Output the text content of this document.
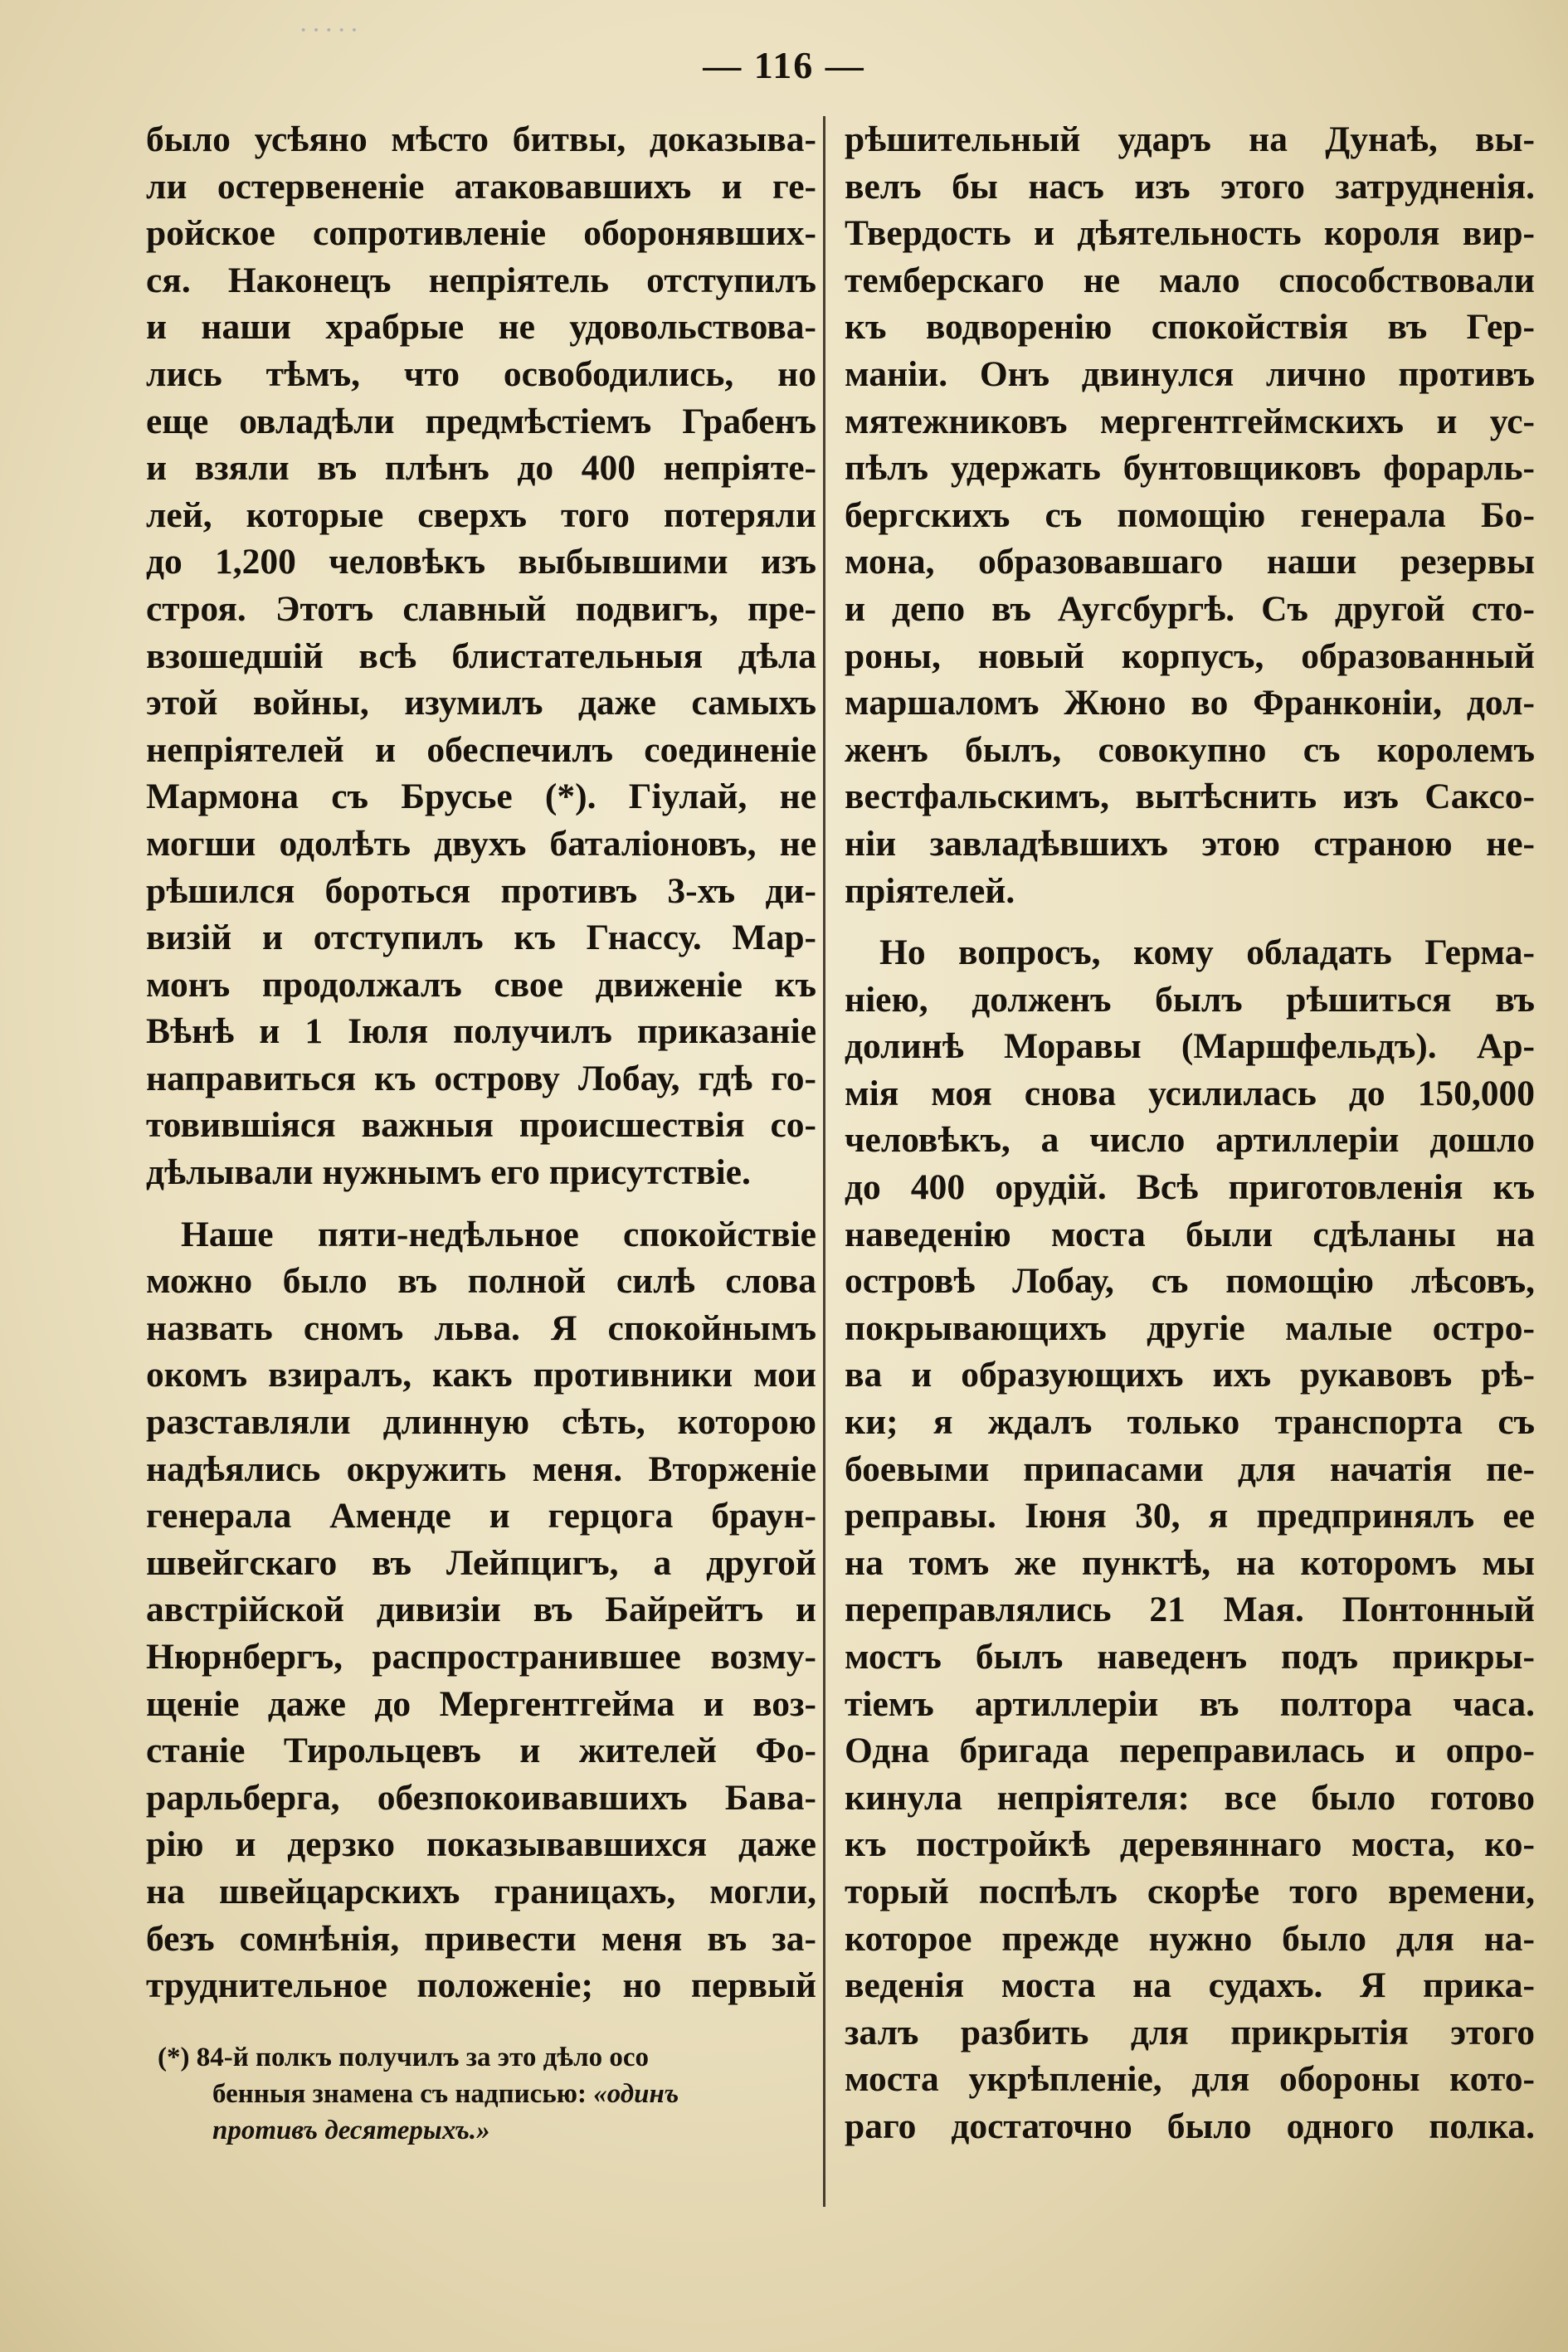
·····
— 116 —
было усѣяно мѣсто битвы, доказыва-
ли остервененіе атаковавшихъ и ге-
ройское сопротивленіе оборонявших-
ся. Наконецъ непріятель отступилъ
и наши храбрые не удовольствова-
лись тѣмъ, что освободились, но
еще овладѣли предмѣстіемъ Грабенъ
и взяли въ плѣнъ до 400 непріяте-
лей, которые сверхъ того потеряли
до 1,200 человѣкъ выбывшими изъ
строя. Этотъ славный подвигъ, пре-
взошедшій всѣ блистательныя дѣла
этой войны, изумилъ даже самыхъ
непріятелей и обеспечилъ соединеніе
Мармона съ Брусье (*). Гіулай, не
могши одолѣть двухъ баталіоновъ, не
рѣшился бороться противъ 3-хъ ди-
визій и отступилъ къ Гнассу. Мар-
монъ продолжалъ свое движеніе къ
Вѣнѣ и 1 Іюля получилъ приказаніе
направиться къ острову Лобау, гдѣ го-
товившіяся важныя происшествія со-
дѣлывали нужнымъ его присутствіе.
Наше пяти-недѣльное спокойствіе
можно было въ полной силѣ слова
назвать сномъ льва. Я спокойнымъ
окомъ взиралъ, какъ противники мои
разставляли длинную сѣть, которою
надѣялись окружить меня. Вторженіе
генерала Аменде и герцога браун-
швейгскаго въ Лейпцигъ, а другой
австрійской дивизіи въ Байрейтъ и
Нюрнбергъ, распространившее возму-
щеніе даже до Мергентгейма и воз-
станіе Тирольцевъ и жителей Фо-
рарльберга, обезпокоивавшихъ Бава-
рію и дерзко показывавшихся даже
на швейцарскихъ границахъ, могли,
безъ сомнѣнія, привести меня въ за-
труднительное положеніе; но первый
рѣшительный ударъ на Дунаѣ, вы-
велъ бы насъ изъ этого затрудненія.
Твердость и дѣятельность короля вир-
темберскаго не мало способствовали
къ водворенію спокойствія въ Гер-
маніи. Онъ двинулся лично противъ
мятежниковъ мергентгеймскихъ и ус-
пѣлъ удержать бунтовщиковъ форарль-
бергскихъ съ помощію генерала Бо-
мона, образовавшаго наши резервы
и депо въ Аугсбургѣ. Съ другой сто-
роны, новый корпусъ, образованный
маршаломъ Жюно во Франконіи, дол-
женъ былъ, совокупно съ королемъ
вестфальскимъ, вытѣснить изъ Саксо-
ніи завладѣвшихъ этою страною не-
пріятелей.
Но вопросъ, кому обладать Герма-
ніею, долженъ былъ рѣшиться въ
долинѣ Моравы (Маршфельдъ). Ар-
мія моя снова усилилась до 150,000
человѣкъ, а число артиллеріи дошло
до 400 орудій. Всѣ приготовленія къ
наведенію моста были сдѣланы на
островѣ Лобау, съ помощію лѣсовъ,
покрывающихъ другіе малые остро-
ва и образующихъ ихъ рукавовъ рѣ-
ки; я ждалъ только транспорта съ
боевыми припасами для начатія пе-
реправы. Іюня 30, я предпринялъ ее
на томъ же пунктѣ, на которомъ мы
переправлялись 21 Мая. Понтонный
мостъ былъ наведенъ подъ прикры-
тіемъ артиллеріи въ полтора часа.
Одна бригада переправилась и опро-
кинула непріятеля: все было готово
къ постройкѣ деревяннаго моста, ко-
торый поспѣлъ скорѣе того времени,
которое прежде нужно было для на-
веденія моста на судахъ. Я прика-
залъ разбить для прикрытія этого
моста укрѣпленіе, для обороны кото-
раго достаточно было одного полка.
(*) 84-й полкъ получилъ за это дѣло осо
бенныя знамена съ надписью: «одинъ
противъ десятерыхъ.»
